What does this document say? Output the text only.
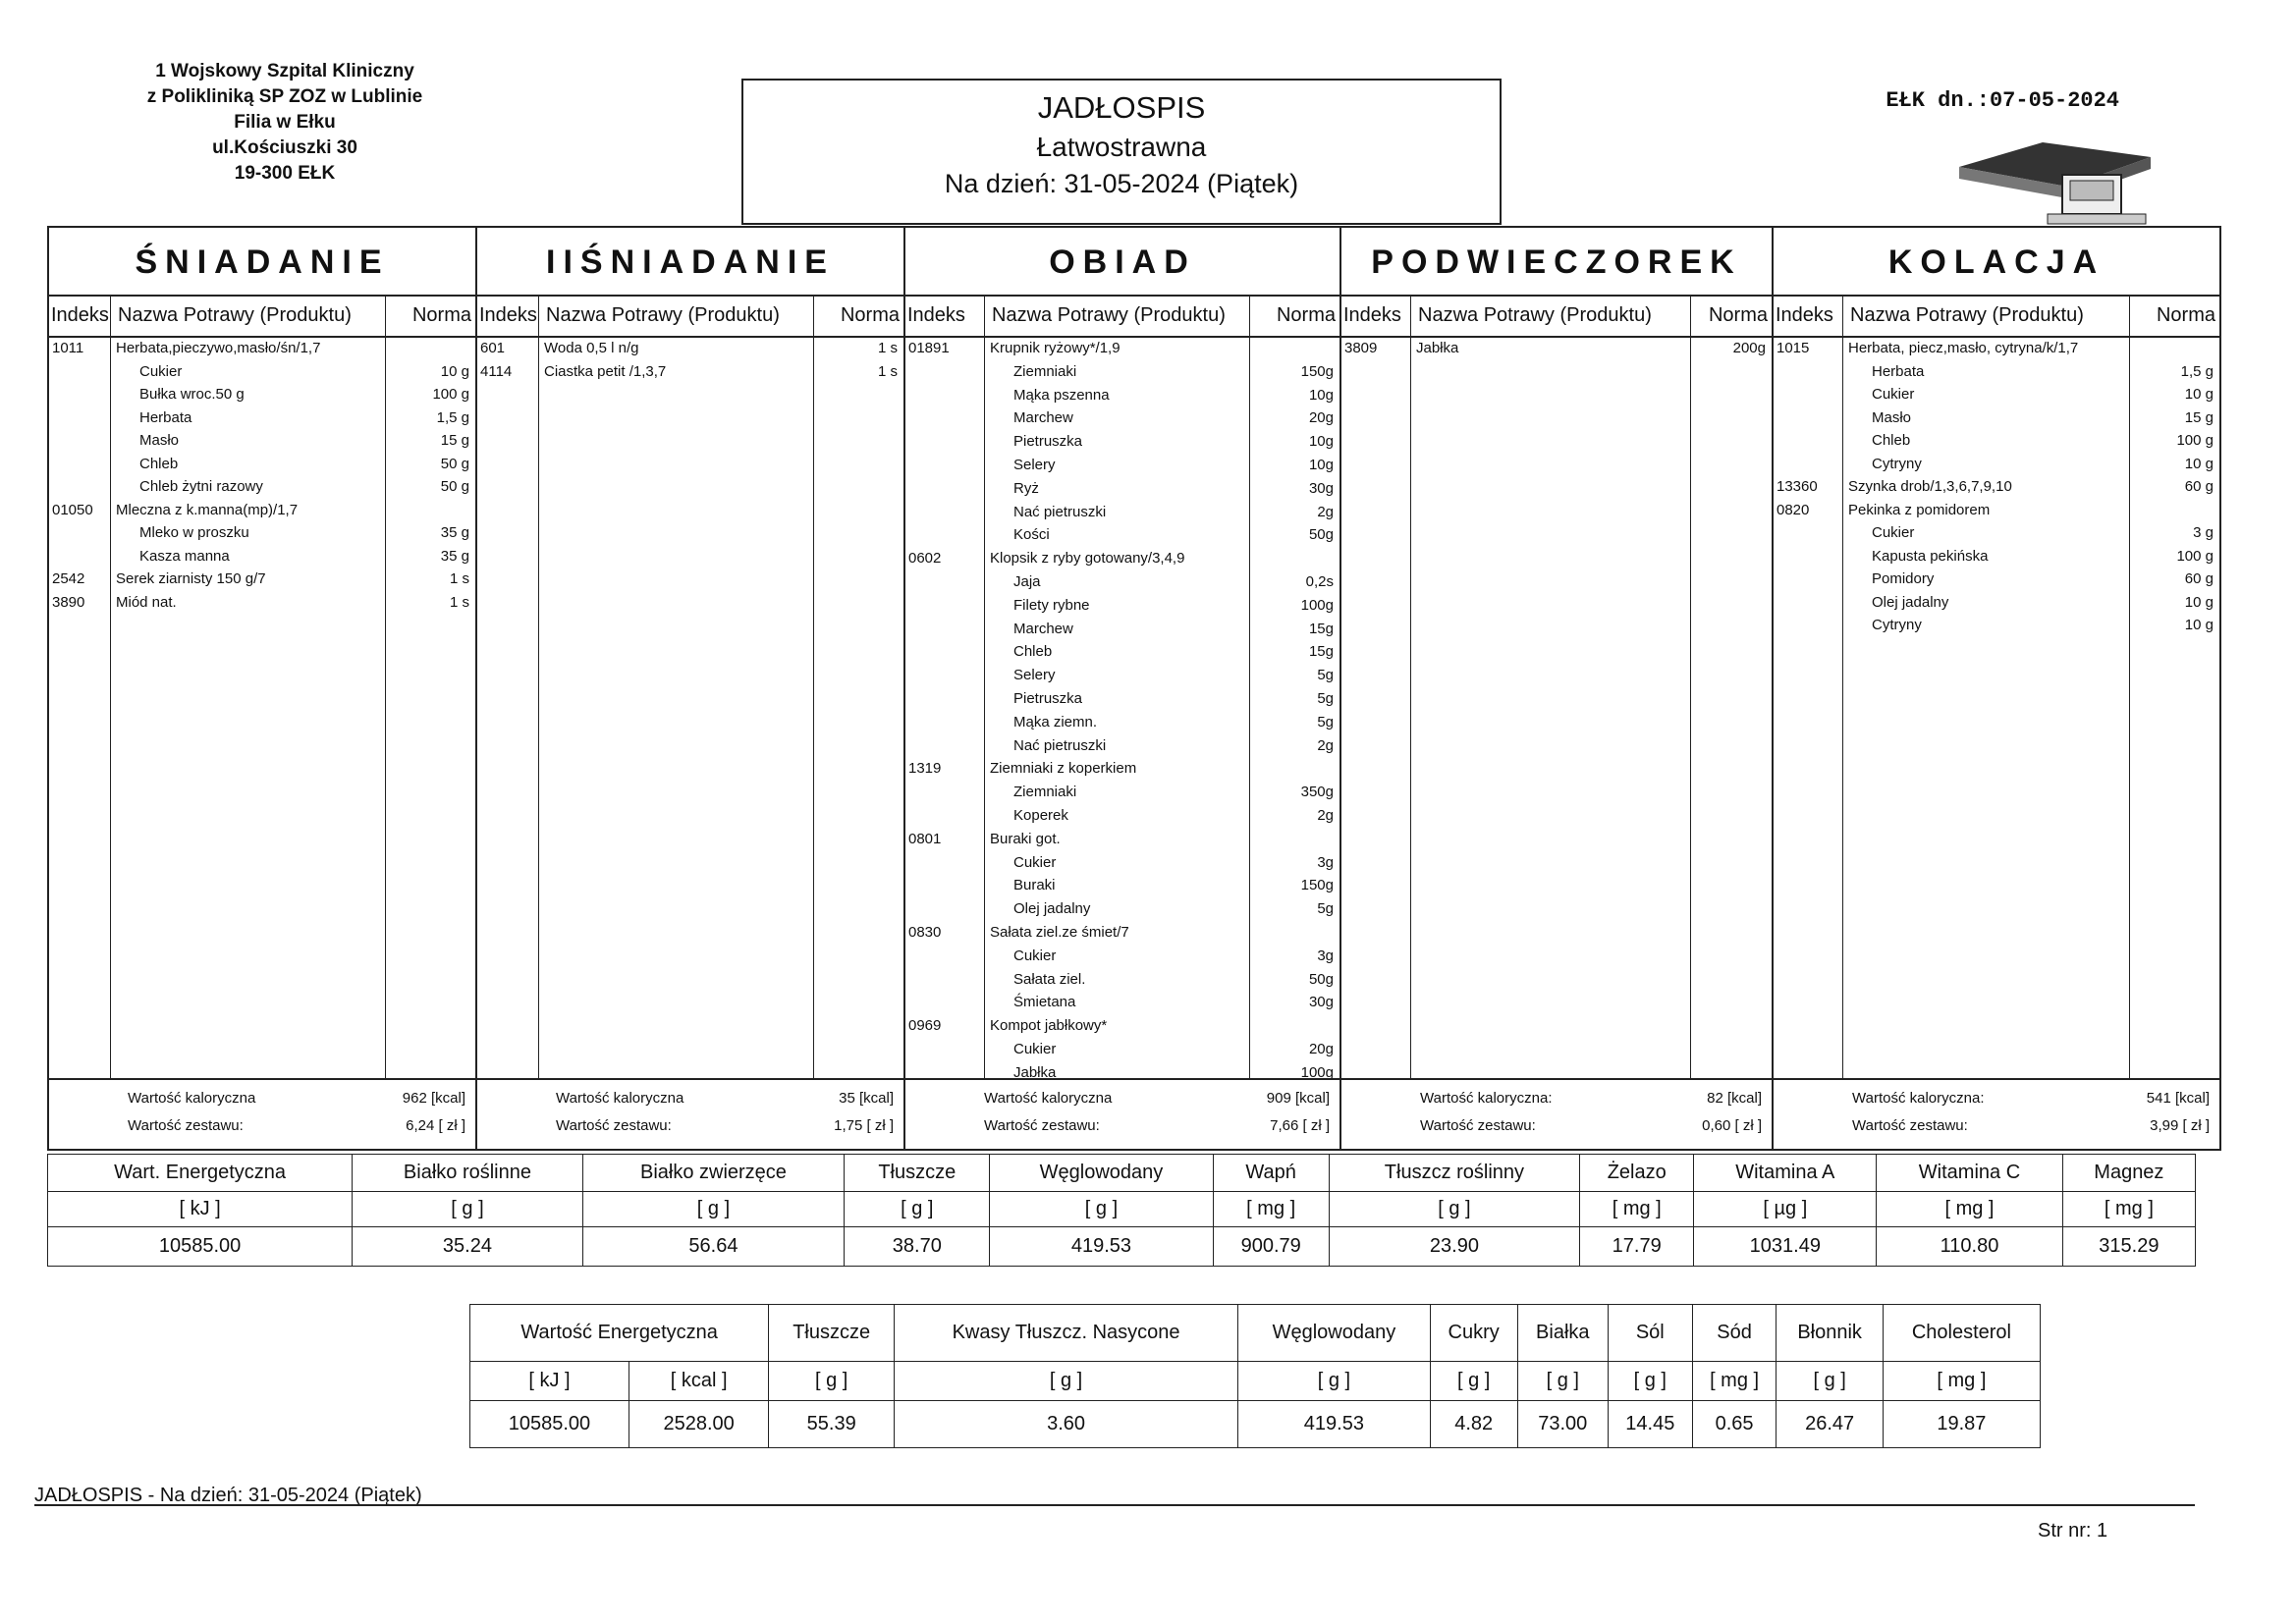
1 Wojskowy Szpital Kliniczny
z Polikliniką SP ZOZ w Lublinie
Filia w Ełku
ul.Kościuszki 30
19-300 EŁK
JADŁOSPIS
Łatwostrawna
Na dzień: 31-05-2024 (Piątek)
EŁK dn.:07-05-2024
ŚNIADANIE
Indeks Nazwa Potrawy (Produktu)	Norma
1011 Herbata,pieczywo,masło/śn/1,7
Cukier	10 g
Bułka wroc.50 g	100 g
Herbata	1,5 g
Masło	15 g
Chleb	50 g
Chleb żytni razowy	50 g
01050 Mleczna z k.manna(mp)/1,7
Mleko w proszku	35 g
Kasza manna	35 g
2542 Serek ziarnisty 150 g/7	1 s
3890 Miód nat.	1 s
Wartość kaloryczna	962 [kcal]
Wartość zestawu:	6,24 [ zł ]
IIŚNIADANIE
Indeks Nazwa Potrawy (Produktu)	Norma
601	Woda 0,5 l n/g	1 s
4114 Ciastka petit /1,3,7	1 s
Wartość kaloryczna	35 [kcal]
Wartość zestawu:	1,75 [ zł ]
OBIAD
Indeks Nazwa Potrawy (Produktu)	Norma
01891	Krupnik ryżowy*/1,9
Ziemniaki	150g
Mąka pszenna	10g
Marchew	20g
Pietruszka	10g
Selery	10g
Ryż	30g
Nać pietruszki	2g
Kości	50g
0602	Klopsik z ryby gotowany/3,4,9
Jaja	0,2s
Filety rybne	100g
Marchew	15g
Chleb	15g
Selery	5g
Pietruszka	5g
Mąka ziemn.	5g
Nać pietruszki	2g
1319	Ziemniaki z koperkiem
Ziemniaki	350g
Koperek	2g
0801	Buraki got.
Cukier	3g
Buraki	150g
Olej jadalny	5g
0830	Sałata ziel.ze śmiet/7
Cukier	3g
Sałata ziel.	50g
Śmietana	30g
0969	Kompot jabłkowy*
Cukier	20g
Jabłka	100g
Wartość kaloryczna	909 [kcal]
Wartość zestawu:	7,66 [ zł ]
PODWIECZOREK
Indeks Nazwa Potrawy (Produktu)	Norma
3809	Jabłka	200g
Wartość kaloryczna:	82 [kcal]
Wartość zestawu:	0,60 [ zł ]
KOLACJA
Indeks Nazwa Potrawy (Produktu)	Norma
1015	Herbata, piecz,masło, cytryna/k/1,7
Herbata	1,5 g
Cukier	10 g
Masło	15 g
Chleb	100 g
Cytryny	10 g
13360 Szynka drob/1,3,6,7,9,10	60 g
0820	Pekinka z pomidorem
Cukier	3 g
Kapusta pekińska	100 g
Pomidory	60 g
Olej jadalny	10 g
Cytryny	10 g
Wartość kaloryczna:	541 [kcal]
Wartość zestawu:	3,99 [ zł ]
Wart. Energetyczna	Białko roślinne	Białko zwierzęce	Tłuszcze	Węglowodany	Wapń	Tłuszcz roślinny	Żelazo	Witamina A	Witamina C	Magnez
[ kJ ]	[ g ]	[ g ]	[ g ]	[ g ]	[ mg ]	[ g ]	[ mg ]	[ µg ]	[ mg ]	[ mg ]
10585.00	35.24	56.64	38.70	419.53	900.79	23.90	17.79	1031.49	110.80	315.29
Wartość Energetyczna		Tłuszcze	Kwasy Tłuszcz. Nasycone	Węglowodany	Cukry	Białka	Sól	Sód	Błonnik	Cholesterol
[ kJ ]	[ kcal ]	[ g ]	[ g ]	[ g ]	[ g ]	[ g ]	[ g ]	[ mg ]	[ g ]	[ mg ]
10585.00	2528.00	55.39	3.60	419.53	4.82	73.00	14.45	0.65	26.47	19.87
JADŁOSPIS - Na dzień: 31-05-2024 (Piątek)
Str nr: 1
